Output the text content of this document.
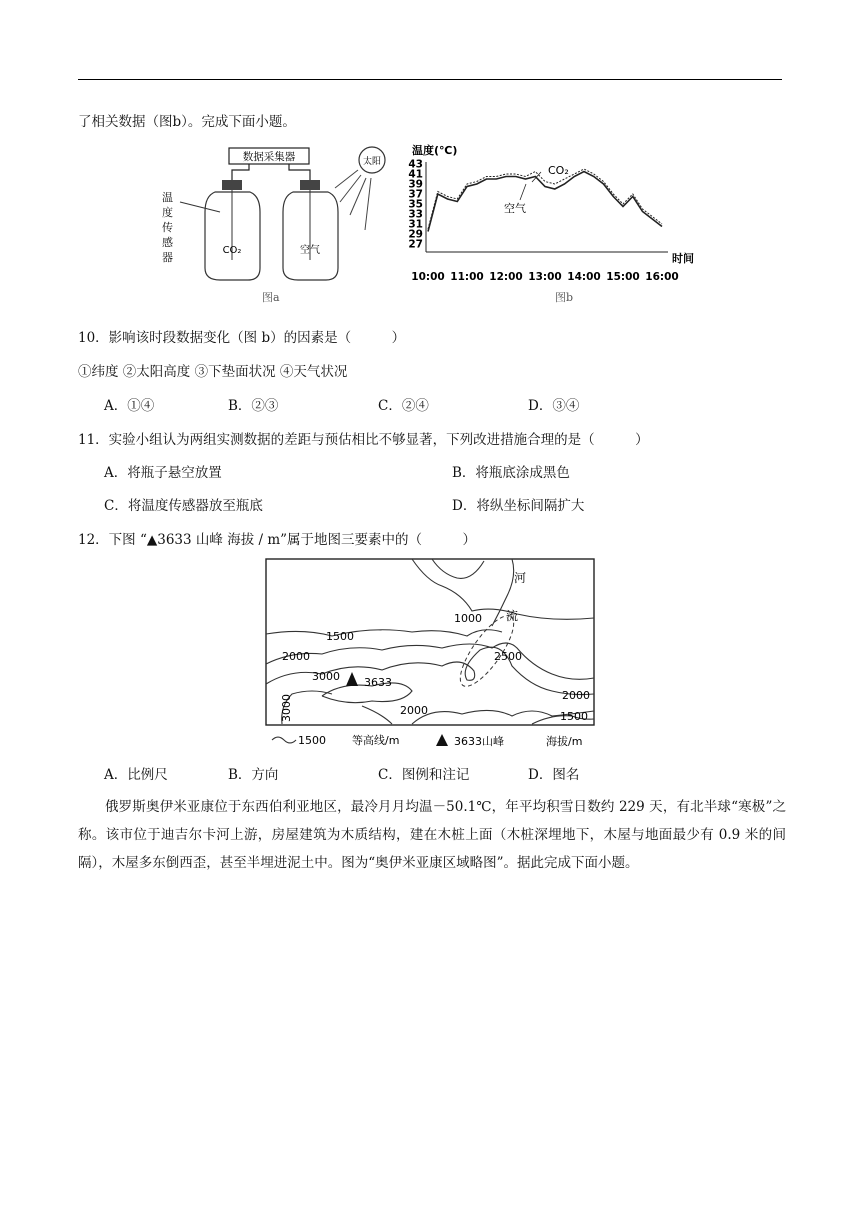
了相关数据（图b）。完成下面小题。
数据采集器	太阳
CO₂	空气
温度传感器
图a
温度(℃)
时间
CO₂
空气
43
41
39
37
35
33
31
29
27
10:00 11:00 12:00 13:00 14:00 15:00 16:00
图b
10．影响该时段数据变化（图 b）的因素是（　　　）
①纬度 ②太阳高度 ③下垫面状况 ④天气状况
A．①④	B．②③	C．②④	D．③④
11．实验小组认为两组实测数据的差距与预估相比不够显著，下列改进措施合理的是（　　　）
A．将瓶子悬空放置	B．将瓶底涂成黑色
C．将温度传感器放至瓶底	D．将纵坐标间隔扩大
12．下图 “▲3633 山峰 海拔 / m”属于地图三要素中的（　　　）
河
流
1000
1500
2000	2500
3000 3633
2000
2000	1500
3000
1500 等高线/m	3633山峰	海拔/m
A．比例尺	B．方向	C．图例和注记	D．图名
俄罗斯奥伊米亚康位于东西伯利亚地区，最冷月月均温－50.1℃，年平均积雪日数约 229 天，有北半球“寒极”之称。该市位于迪吉尔卡河上游，房屋建筑为木质结构，建在木桩上面（木桩深埋地下，木屋与地面最少有 0.9 米的间隔），木屋多东倒西歪，甚至半埋进泥土中。图为“奥伊米亚康区域略图”。据此完成下面小题。
